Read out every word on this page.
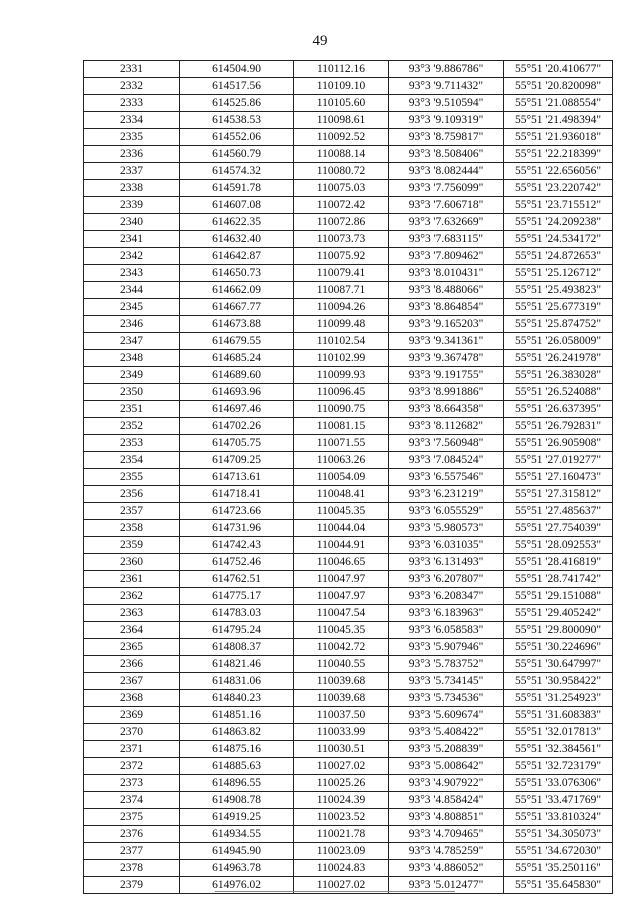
49
2331	614504.90	110112.16	93°3 '9.886786"	55°51 '20.410677"
2332	614517.56	110109.10	93°3 '9.711432"	55°51 '20.820098"
2333	614525.86	110105.60	93°3 '9.510594"	55°51 '21.088554"
2334	614538.53	110098.61	93°3 '9.109319"	55°51 '21.498394"
2335	614552.06	110092.52	93°3 '8.759817"	55°51 '21.936018"
2336	614560.79	110088.14	93°3 '8.508406"	55°51 '22.218399"
2337	614574.32	110080.72	93°3 '8.082444"	55°51 '22.656056"
2338	614591.78	110075.03	93°3 '7.756099"	55°51 '23.220742"
2339	614607.08	110072.42	93°3 '7.606718"	55°51 '23.715512"
2340	614622.35	110072.86	93°3 '7.632669"	55°51 '24.209238"
2341	614632.40	110073.73	93°3 '7.683115"	55°51 '24.534172"
2342	614642.87	110075.92	93°3 '7.809462"	55°51 '24.872653"
2343	614650.73	110079.41	93°3 '8.010431"	55°51 '25.126712"
2344	614662.09	110087.71	93°3 '8.488066"	55°51 '25.493823"
2345	614667.77	110094.26	93°3 '8.864854"	55°51 '25.677319"
2346	614673.88	110099.48	93°3 '9.165203"	55°51 '25.874752"
2347	614679.55	110102.54	93°3 '9.341361"	55°51 '26.058009"
2348	614685.24	110102.99	93°3 '9.367478"	55°51 '26.241978"
2349	614689.60	110099.93	93°3 '9.191755"	55°51 '26.383028"
2350	614693.96	110096.45	93°3 '8.991886"	55°51 '26.524088"
2351	614697.46	110090.75	93°3 '8.664358"	55°51 '26.637395"
2352	614702.26	110081.15	93°3 '8.112682"	55°51 '26.792831"
2353	614705.75	110071.55	93°3 '7.560948"	55°51 '26.905908"
2354	614709.25	110063.26	93°3 '7.084524"	55°51 '27.019277"
2355	614713.61	110054.09	93°3 '6.557546"	55°51 '27.160473"
2356	614718.41	110048.41	93°3 '6.231219"	55°51 '27.315812"
2357	614723.66	110045.35	93°3 '6.055529"	55°51 '27.485637"
2358	614731.96	110044.04	93°3 '5.980573"	55°51 '27.754039"
2359	614742.43	110044.91	93°3 '6.031035"	55°51 '28.092553"
2360	614752.46	110046.65	93°3 '6.131493"	55°51 '28.416819"
2361	614762.51	110047.97	93°3 '6.207807"	55°51 '28.741742"
2362	614775.17	110047.97	93°3 '6.208347"	55°51 '29.151088"
2363	614783.03	110047.54	93°3 '6.183963"	55°51 '29.405242"
2364	614795.24	110045.35	93°3 '6.058583"	55°51 '29.800090"
2365	614808.37	110042.72	93°3 '5.907946"	55°51 '30.224696"
2366	614821.46	110040.55	93°3 '5.783752"	55°51 '30.647997"
2367	614831.06	110039.68	93°3 '5.734145"	55°51 '30.958422"
2368	614840.23	110039.68	93°3 '5.734536"	55°51 '31.254923"
2369	614851.16	110037.50	93°3 '5.609674"	55°51 '31.608383"
2370	614863.82	110033.99	93°3 '5.408422"	55°51 '32.017813"
2371	614875.16	110030.51	93°3 '5.208839"	55°51 '32.384561"
2372	614885.63	110027.02	93°3 '5.008642"	55°51 '32.723179"
2373	614896.55	110025.26	93°3 '4.907922"	55°51 '33.076306"
2374	614908.78	110024.39	93°3 '4.858424"	55°51 '33.471769"
2375	614919.25	110023.52	93°3 '4.808851"	55°51 '33.810324"
2376	614934.55	110021.78	93°3 '4.709465"	55°51 '34.305073"
2377	614945.90	110023.09	93°3 '4.785259"	55°51 '34.672030"
2378	614963.78	110024.83	93°3 '4.886052"	55°51 '35.250116"
2379	614976.02	110027.02	93°3 '5.012477"	55°51 '35.645830"
